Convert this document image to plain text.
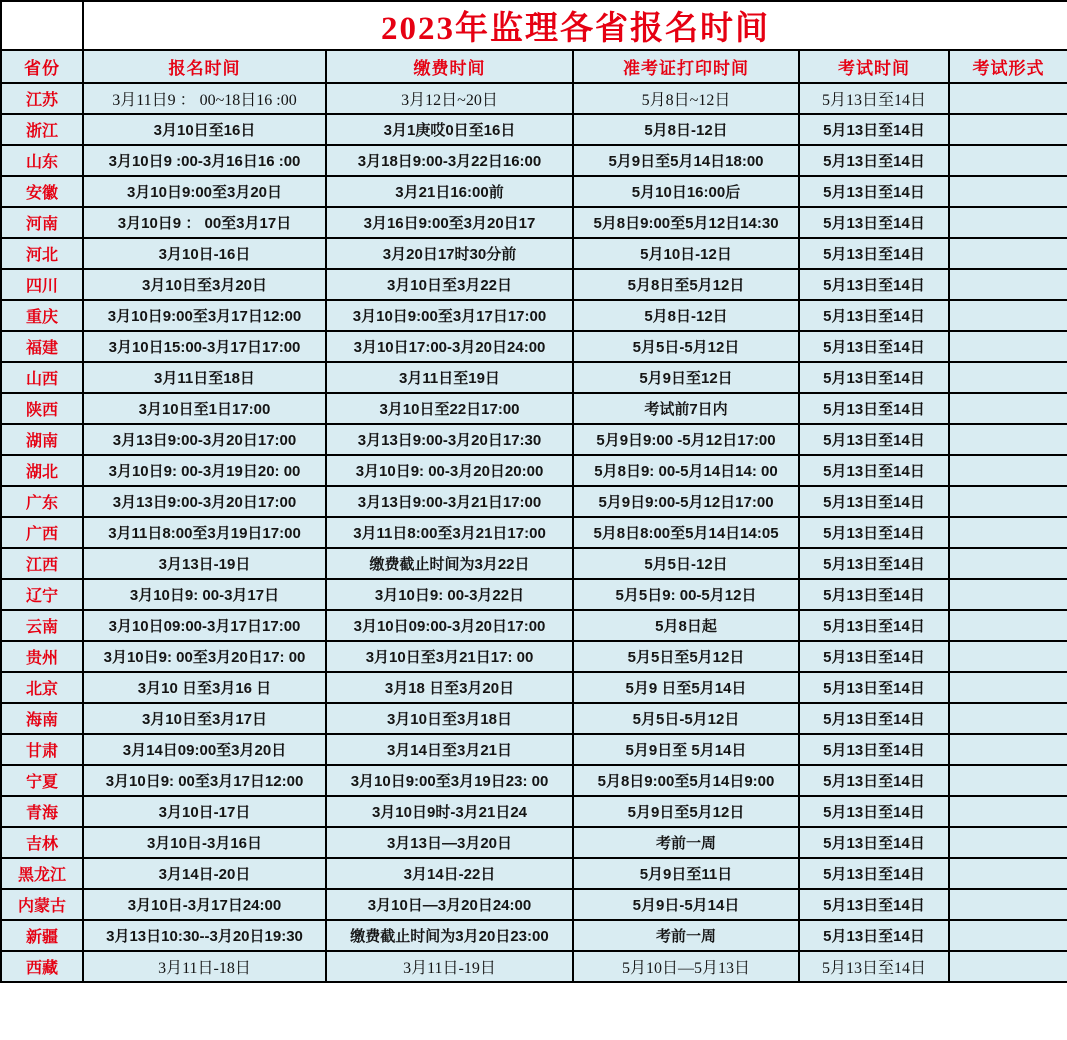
	2023年监理各省报名时间				
省份	报名时间	缴费时间	准考证打印时间	考试时间	考试形式
江苏	3月11日9 ： 00~18日16 :00	3月12日~20日	5月8日~12日	5月13日至14日	
浙江	3月10日至16日	3月1庚哎0日至16日	5月8日-12日	5月13日至14日	
山东	3月10日9 :00-3月16日16 :00	3月18日9:00-3月22日16:00	5月9日至5月14日18:00	5月13日至14日	
安徽	3月10日9:00至3月20日	3月21日16:00前	5月10日16:00后	5月13日至14日	
河南	3月10日9 ： 00至3月17日	3月16日9:00至3月20日17	5月8日9:00至5月12日14:30	5月13日至14日	
河北	3月10日-16日	3月20日17时30分前	5月10日-12日	5月13日至14日	
四川	3月10日至3月20日	3月10日至3月22日	5月8日至5月12日	5月13日至14日	
重庆	3月10日9:00至3月17日12:00	3月10日9:00至3月17日17:00	5月8日-12日	5月13日至14日	
福建	3月10日15:00-3月17日17:00	3月10日17:00-3月20日24:00	5月5日-5月12日	5月13日至14日	
山西	3月11日至18日	3月11日至19日	5月9日至12日	5月13日至14日	
陕西	3月10日至1日17:00	3月10日至22日17:00	考试前7日内	5月13日至14日	
湖南	3月13日9:00-3月20日17:00	3月13日9:00-3月20日17:30	5月9日9:00 -5月12日17:00	5月13日至14日	
湖北	3月10日9: 00-3月19日20: 00	3月10日9: 00-3月20日20:00	5月8日9: 00-5月14日14: 00	5月13日至14日	
广东	3月13日9:00-3月20日17:00	3月13日9:00-3月21日17:00	5月9日9:00-5月12日17:00	5月13日至14日	
广西	3月11日8:00至3月19日17:00	3月11日8:00至3月21日17:00	5月8日8:00至5月14日14:05	5月13日至14日	
江西	3月13日-19日	缴费截止时间为3月22日	5月5日-12日	5月13日至14日	
辽宁	3月10日9: 00-3月17日	3月10日9: 00-3月22日	5月5日9: 00-5月12日	5月13日至14日	
云南	3月10日09:00-3月17日17:00	3月10日09:00-3月20日17:00	5月8日起	5月13日至14日	
贵州	3月10日9: 00至3月20日17: 00	3月10日至3月21日17: 00	5月5日至5月12日	5月13日至14日	
北京	3月10 日至3月16 日	3月18 日至3月20日	5月9 日至5月14日	5月13日至14日	
海南	3月10日至3月17日	3月10日至3月18日	5月5日-5月12日	5月13日至14日	
甘肃	3月14日09:00至3月20日	3月14日至3月21日	5月9日至 5月14日	5月13日至14日	
宁夏	3月10日9: 00至3月17日12:00	3月10日9:00至3月19日23: 00	5月8日9:00至5月14日9:00	5月13日至14日	
青海	3月10日-17日	3月10日9时-3月21日24	5月9日至5月12日	5月13日至14日	
吉林	3月10日-3月16日	3月13日—3月20日	考前一周	5月13日至14日	
黑龙江	3月14日-20日	3月14日-22日	5月9日至11日	5月13日至14日	
内蒙古	3月10日-3月17日24:00	3月10日—3月20日24:00	5月9日-5月14日	5月13日至14日	
新疆	3月13日10:30--3月20日19:30	缴费截止时间为3月20日23:00	考前一周	5月13日至14日	
西藏	3月11日-18日	3月11日-19日	5月10日—5月13日	5月13日至14日	
